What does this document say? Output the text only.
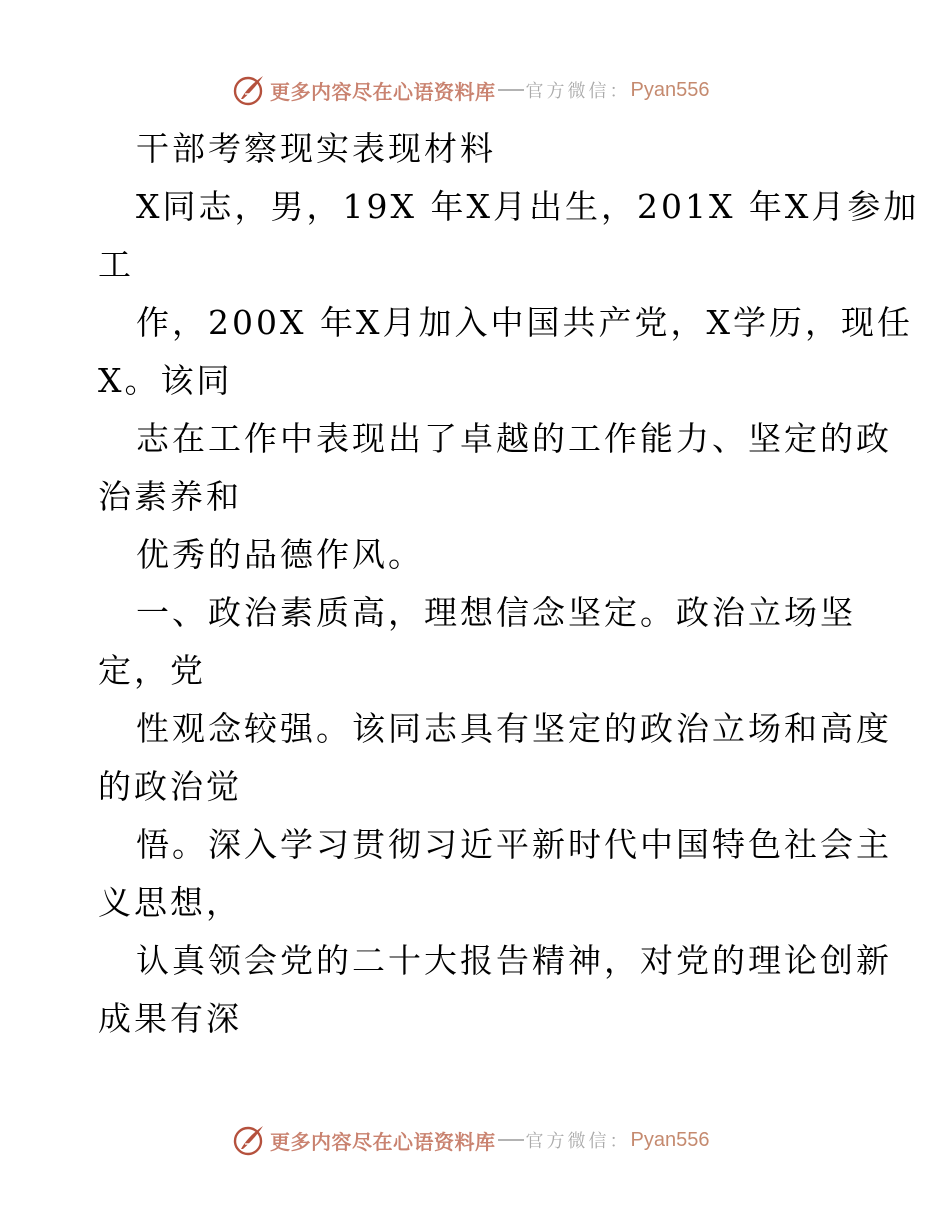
更多内容尽在心语资料库 官方微信： Pyan556

干部考察现实表现材料

X同志，男，19X 年X月出生，201X 年X月参加

工

作，200X 年X月加入中国共产党，X学历，现任

X。该同

志在工作中表现出了卓越的工作能力、坚定的政

治素养和

优秀的品德作风。

一、政治素质高，理想信念坚定。政治立场坚

定，党

性观念较强。该同志具有坚定的政治立场和高度

的政治觉

悟。深入学习贯彻习近平新时代中国特色社会主

义思想，

认真领会党的二十大报告精神，对党的理论创新

成果有深

更多内容尽在心语资料库 官方微信： Pyan556
